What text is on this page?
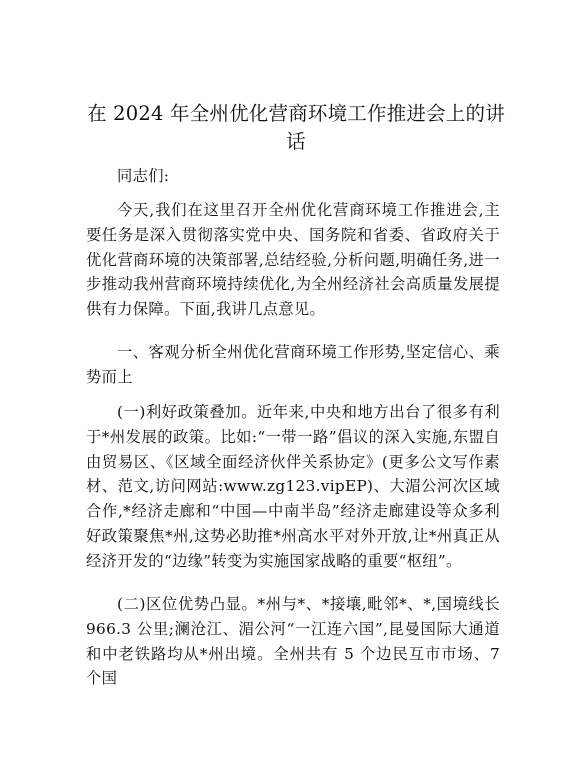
在 2024 年全州优化营商环境工作推进会上的讲话
同志们:
今天,我们在这里召开全州优化营商环境工作推进会,主要任务是深入贯彻落实党中央、国务院和省委、省政府关于优化营商环境的决策部署,总结经验,分析问题,明确任务,进一步推动我州营商环境持续优化,为全州经济社会高质量发展提供有力保障。下面,我讲几点意见。
一、客观分析全州优化营商环境工作形势,坚定信心、乘势而上
(一)利好政策叠加。近年来,中央和地方出台了很多有利于*州发展的政策。比如:“一带一路”倡议的深入实施,东盟自由贸易区、《区域全面经济伙伴关系协定》(更多公文写作素材、范文,访问网站:www.zg123.vipEP)、大湄公河次区域合作,*经济走廊和“中国—中南半岛”经济走廊建设等众多利好政策聚焦*州,这势必助推*州高水平对外开放,让*州真正从经济开发的“边缘”转变为实施国家战略的重要“枢纽”。
(二)区位优势凸显。*州与*、*接壤,毗邻*、*,国境线长 966.3 公里;澜沧江、湄公河“一江连六国”,昆曼国际大通道和中老铁路均从*州出境。全州共有 5 个边民互市市场、7 个国
